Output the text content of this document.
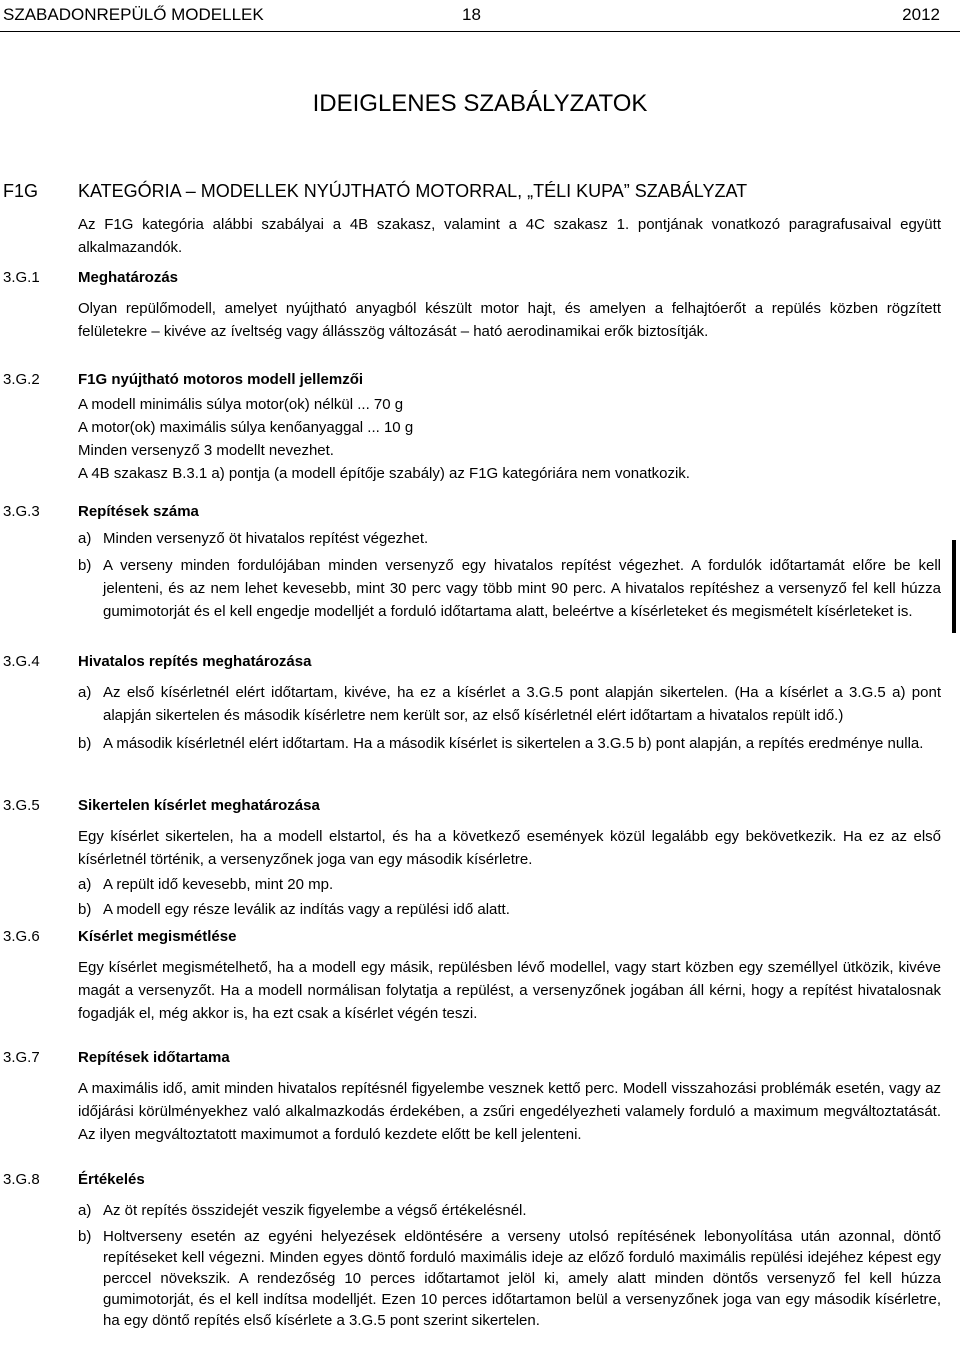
SZABADONREPÜLŐ MODELLEK	18	2012
IDEIGLENES SZABÁLYZATOK
F1G KATEGÓRIA – MODELLEK NYÚJTHATÓ MOTORRAL, „TÉLI KUPA” SZABÁLYZAT
Az F1G kategória alábbi szabályai a 4B szakasz, valamint a 4C szakasz 1. pontjának vonatkozó paragrafusaival együtt alkalmazandók.
3.G.1	Meghatározás
Olyan repülőmodell, amelyet nyújtható anyagból készült motor hajt, és amelyen a felhajtóerőt a repülés közben rögzített felületekre – kivéve az íveltség vagy állásszög változását – ható aerodinamikai erők biztosítják.
3.G.2	F1G nyújtható motoros modell jellemzői
A modell minimális súlya motor(ok) nélkül ... 70 g
A motor(ok) maximális súlya kenőanyaggal ... 10 g
Minden versenyző 3 modellt nevezhet.
A 4B szakasz B.3.1 a) pontja (a modell építője szabály) az F1G kategóriára nem vonatkozik.
3.G.3	Repítések száma
a) Minden versenyző öt hivatalos repítést végezhet.
b) A verseny minden fordulójában minden versenyző egy hivatalos repítést végezhet. A fordulók időtartamát előre be kell jelenteni, és az nem lehet kevesebb, mint 30 perc vagy több mint 90 perc. A hivatalos repítéshez a versenyző fel kell húzza gumimotorját és el kell engedje modelljét a forduló időtartama alatt, beleértve a kísérleteket és megismételt kísérleteket is.
3.G.4	Hivatalos repítés meghatározása
a) Az első kísérletnél elért időtartam, kivéve, ha ez a kísérlet a 3.G.5 pont alapján sikertelen. (Ha a kísérlet a 3.G.5 a) pont alapján sikertelen és második kísérletre nem került sor, az első kísérletnél elért időtartam a hivatalos repült idő.)
b) A második kísérletnél elért időtartam. Ha a második kísérlet is sikertelen a 3.G.5 b) pont alapján, a repítés eredménye nulla.
3.G.5	Sikertelen kísérlet meghatározása
Egy kísérlet sikertelen, ha a modell elstartol, és ha a következő események közül legalább egy bekövetkezik. Ha ez az első kísérletnél történik, a versenyzőnek joga van egy második kísérletre.
a) A repült idő kevesebb, mint 20 mp.
b) A modell egy része leválik az indítás vagy a repülési idő alatt.
3.G.6	Kísérlet megismétlése
Egy kísérlet megismételhető, ha a modell egy másik, repülésben lévő modellel, vagy start közben egy személlyel ütközik, kivéve magát a versenyzőt. Ha a modell normálisan folytatja a repülést, a versenyzőnek jogában áll kérni, hogy a repítést hivatalosnak fogadják el, még akkor is, ha ezt csak a kísérlet végén teszi.
3.G.7	Repítések időtartama
A maximális idő, amit minden hivatalos repítésnél figyelembe vesznek kettő perc. Modell visszahozási problémák esetén, vagy az időjárási körülményekhez való alkalmazkodás érdekében, a zsűri engedélyezheti valamely forduló a maximum megváltoztatását. Az ilyen megváltoztatott maximumot a forduló kezdete előtt be kell jelenteni.
3.G.8	Értékelés
a) Az öt repítés összidejét veszik figyelembe a végső értékelésnél.
b) Holtverseny esetén az egyéni helyezések eldöntésére a verseny utolsó repítésének lebonyolítása után azonnal, döntő repítéseket kell végezni. Minden egyes döntő forduló maximális ideje az előző forduló maximális repülési idejéhez képest egy perccel növekszik. A rendezőség 10 perces időtartamot jelöl ki, amely alatt minden döntős versenyző fel kell húzza gumimotorját, és el kell indítsa modelljét. Ezen 10 perces időtartamon belül a versenyzőnek joga van egy második kísérletre, ha egy döntő repítés első kísérlete a 3.G.5 pont szerint sikertelen.
